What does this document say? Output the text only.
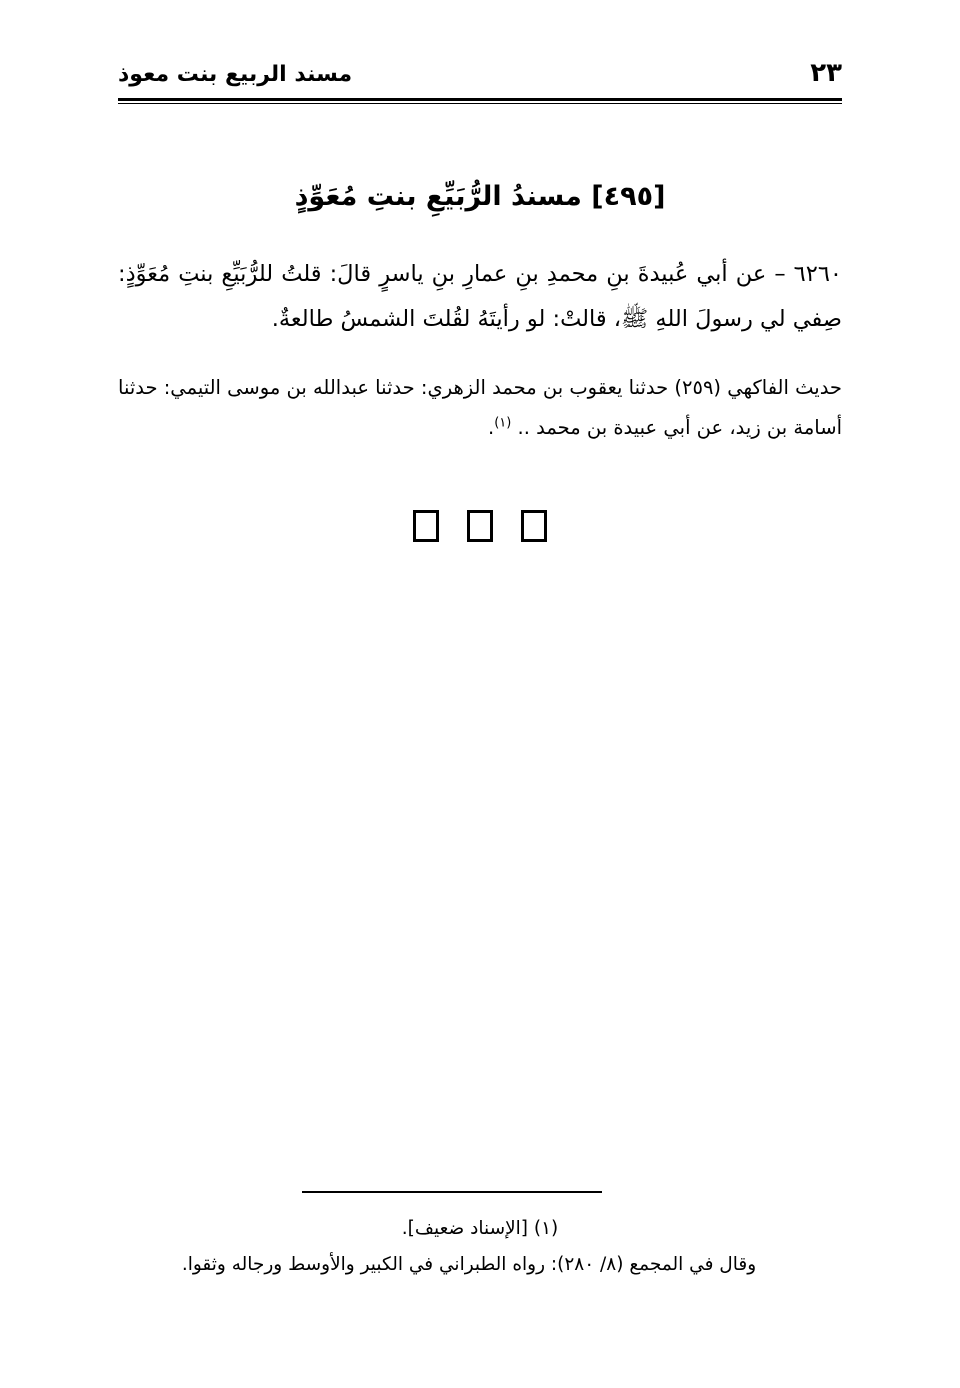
٢٣
مسند الربيع بنت معوذ
[٤٩٥] مسندُ الرُّبَيِّعِ بنتِ مُعَوِّذٍ

٦٢٦٠ – عن أبي عُبيدةَ بنِ محمدِ بنِ عمارِ بنِ ياسرٍ قالَ: قلتُ للرُّبَيِّعِ بنتِ مُعَوِّذٍ: صِفي لي رسولَ اللهِ ﷺ، قالتْ: لو رأيتَهُ لقُلتَ الشمسُ طالعةٌ.

حديث الفاكهي (٢٥٩) حدثنا يعقوب بن محمد الزهري: حدثنا عبدالله بن موسى التيمي: حدثنا أسامة بن زيد، عن أبي عبيدة بن محمد .. $^{(١)}$.

(١) [الإسناد ضعيف].
وقال في المجمع (٨/ ٢٨٠): رواه الطبراني في الكبير والأوسط ورجاله وثقوا.
